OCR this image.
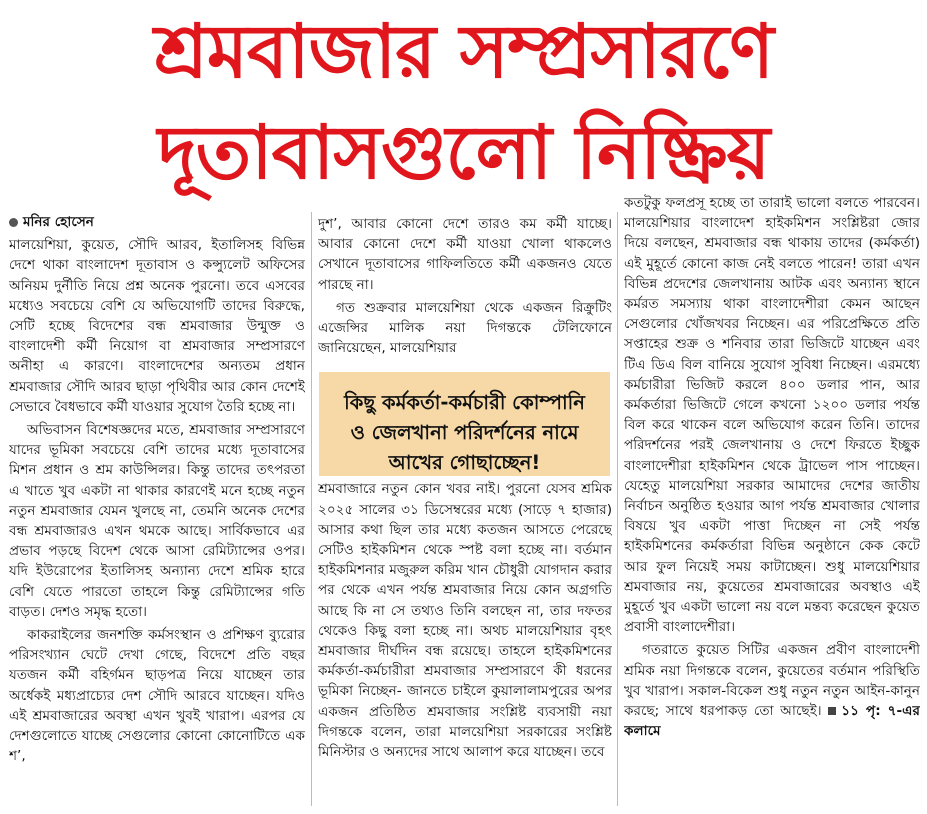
শ্রমবাজার সম্প্রসারণে
দূতাবাসগুলো নিষ্ক্রিয়

মনির হোসেন

মালয়েশিয়া, কুয়েত, সৌদি আরব, ইতালিসহ বিভিন্ন দেশে থাকা বাংলাদেশ দূতাবাস ও কন্স্যুলেট অফিসের অনিয়ম দুর্নীতি নিয়ে প্রশ্ন অনেক পুরনো। তবে এসবের মধ্যেও সবচেয়ে বেশি যে অভিযোগটি তাদের বিরুদ্ধে, সেটি হচ্ছে বিদেশের বন্ধ শ্রমবাজার উন্মুক্ত ও বাংলাদেশী কর্মী নিয়োগ বা শ্রমবাজার সম্প্রসারণে অনীহা এ কারণে। বাংলাদেশের অন্যতম প্রধান শ্রমবাজার সৌদি আরব ছাড়া পৃথিবীর আর কোন দেশেই সেভাবে বৈধভাবে কর্মী যাওয়ার সুযোগ তৈরি হচ্ছে না।

অভিবাসন বিশেষজ্ঞদের মতে, শ্রমবাজার সম্প্রসারণে যাদের ভূমিকা সবচেয়ে বেশি তাদের মধ্যে দূতাবাসের মিশন প্রধান ও শ্রম কাউন্সিলর। কিন্তু তাদের তৎপরতা এ খাতে খুব একটা না থাকার কারণেই মনে হচ্ছে নতুন নতুন শ্রমবাজার যেমন খুলছে না, তেমনি অনেক দেশের বন্ধ শ্রমবাজারও এখন থমকে আছে। সার্বিকভাবে এর প্রভাব পড়ছে বিদেশ থেকে আসা রেমিট্যান্সের ওপর। যদি ইউরোপের ইতালিসহ অন্যান্য দেশে শ্রমিক হারে বেশি যেতে পারতো তাহলে কিন্তু রেমিট্যান্সের গতি বাড়ত। দেশও সমৃদ্ধ হতো।

কাকরাইলের জনশক্তি কর্মসংস্থান ও প্রশিক্ষণ ব্যুরোর পরিসংখ্যান ঘেটে দেখা গেছে, বিদেশে প্রতি বছর যতজন কর্মী বহির্গমন ছাড়পত্র নিয়ে যাচ্ছেন তার অর্ধেকই মধ্যপ্রাচ্যের দেশ সৌদি আরবে যাচ্ছেন। যদিও এই শ্রমবাজারের অবস্থা এখন খুবই খারাপ। এরপর যে দেশগুলোতে যাচ্ছে সেগুলোর কোনো কোনোটিতে এক শ’,

দুশ’, আবার কোনো দেশে তারও কম কর্মী যাচ্ছে। আবার কোনো দেশে কর্মী যাওয়া খোলা থাকলেও সেখানে দূতাবাসের গাফিলতিতে কর্মী একজনও যেতে পারছে না।

গত শুক্রবার মালয়েশিয়া থেকে একজন রিক্রুটিং এজেন্সির মালিক নয়া দিগন্তকে টেলিফোনে জানিয়েছেন, মালয়েশিয়ার

শ্রমবাজারে নতুন কোন খবর নাই। পুরনো যেসব শ্রমিক ২০২৫ সালের ৩১ ডিসেম্বরের মধ্যে (সাড়ে ৭ হাজার) আসার কথা ছিল তার মধ্যে কতজন আসতে পেরেছে সেটিও হাইকমিশন থেকে স্পষ্ট বলা হচ্ছে না। বর্তমান হাইকমিশনার মজুরুল করিম খান চৌধুরী যোগদান করার পর থেকে এখন পর্যন্ত শ্রমবাজার নিয়ে কোন অগ্রগতি আছে কি না সে তথ্যও তিনি বলছেন না, তার দফতর থেকেও কিছু বলা হচ্ছে না। অথচ মালয়েশিয়ার বৃহৎ শ্রমবাজার দীর্ঘদিন বন্ধ রয়েছে। তাহলে হাইকমিশনের কর্মকর্তা-কর্মচারীরা শ্রমবাজার সম্প্রসারণে কী ধরনের ভূমিকা নিচ্ছেন- জানতে চাইলে কুয়ালালামপুরের অপর একজন প্রতিষ্ঠিত শ্রমবাজার সংশ্লিষ্ট ব্যবসায়ী নয়া দিগন্তকে বলেন, তারা মালয়েশিয়া সরকারের সংশ্লিষ্ট মিনিস্টার ও অন্যদের সাথে আলাপ করে যাচ্ছেন। তবে

কিছু কর্মকর্তা-কর্মচারী কোম্পানি
ও জেলখানা পরিদর্শনের নামে
আখের গোছাচ্ছেন!

কতটুকু ফলপ্রসূ হচ্ছে তা তারাই ভালো বলতে পারবেন। মালয়েশিয়ার বাংলাদেশ হাইকমিশন সংশ্লিষ্টরা জোর দিয়ে বলছেন, শ্রমবাজার বন্ধ থাকায় তাদের (কর্মকর্তা) এই মুহূর্তে কোনো কাজ নেই বলতে পারেন! তারা এখন বিভিন্ন প্রদেশের জেলখানায় আটক এবং অন্যান্য স্থানে কর্মরত সমস্যায় থাকা বাংলাদেশীরা কেমন আছেন সেগুলোর খোঁজখবর নিচ্ছেন। এর পরিপ্রেক্ষিতে প্রতি সপ্তাহের শুক্র ও শনিবার তারা ভিজিটে যাচ্ছেন এবং টিএ ডিএ বিল বানিয়ে সুযোগ সুবিধা নিচ্ছেন। এরমধ্যে কর্মচারীরা ভিজিট করলে ৪০০ ডলার পান, আর কর্মকর্তারা ভিজিটে গেলে কখনো ১২০০ ডলার পর্যন্ত বিল করে থাকেন বলে অভিযোগ করেন তিনি। তাদের পরিদর্শনের পরই জেলখানায় ও দেশে ফিরতে ইচ্ছুক বাংলাদেশীরা হাইকমিশন থেকে ট্রাভেল পাস পাচ্ছেন। যেহেতু মালয়েশিয়া সরকার আমাদের দেশের জাতীয় নির্বাচন অনুষ্ঠিত হওয়ার আগ পর্যন্ত শ্রমবাজার খোলার বিষয়ে খুব একটা পাত্তা দিচ্ছেন না সেই পর্যন্ত হাইকমিশনের কর্মকর্তারা বিভিন্ন অনুষ্ঠানে কেক কেটে আর ফুল নিয়েই সময় কাটাচ্ছেন। শুধু মালয়েশিয়ার শ্রমবাজার নয়, কুয়েতের শ্রমবাজারের অবস্থাও এই মুহূর্তে খুব একটা ভালো নয় বলে মন্তব্য করেছেন কুয়েত প্রবাসী বাংলাদেশীরা।

গতরাতে কুয়েত সিটির একজন প্রবীণ বাংলাদেশী শ্রমিক নয়া দিগন্তকে বলেন, কুয়েতের বর্তমান পরিস্থিতি খুব খারাপ। সকাল-বিকেল শুধু নতুন নতুন আইন-কানুন করছে; সাথে ধরপাকড় তো আছেই। ১১ পৃ: ৭-এর কলামে
